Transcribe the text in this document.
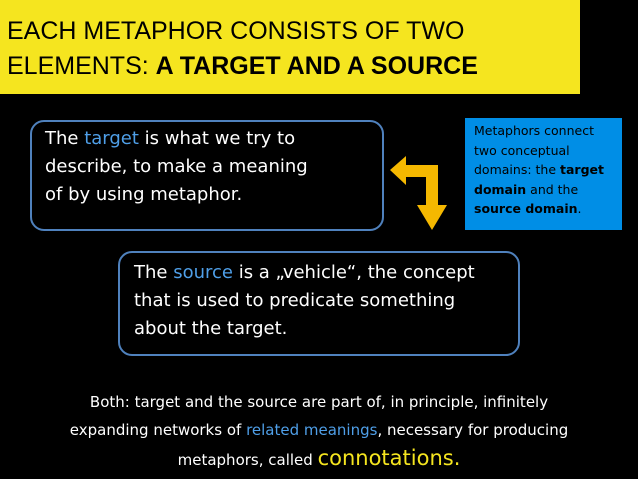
EACH METAPHOR CONSISTS OF TWO
ELEMENTS: A TARGET AND A SOURCE
The target is what we try to
describe, to make a meaning
of by using metaphor.
Metaphors connect
two conceptual
domains: the target
domain and the
source domain.
The source is a „vehicle“, the concept
that is used to predicate something
about the target.
Both: target and the source are part of, in principle, infinitely
expanding networks of related meanings, necessary for producing
metaphors, called connotations.
